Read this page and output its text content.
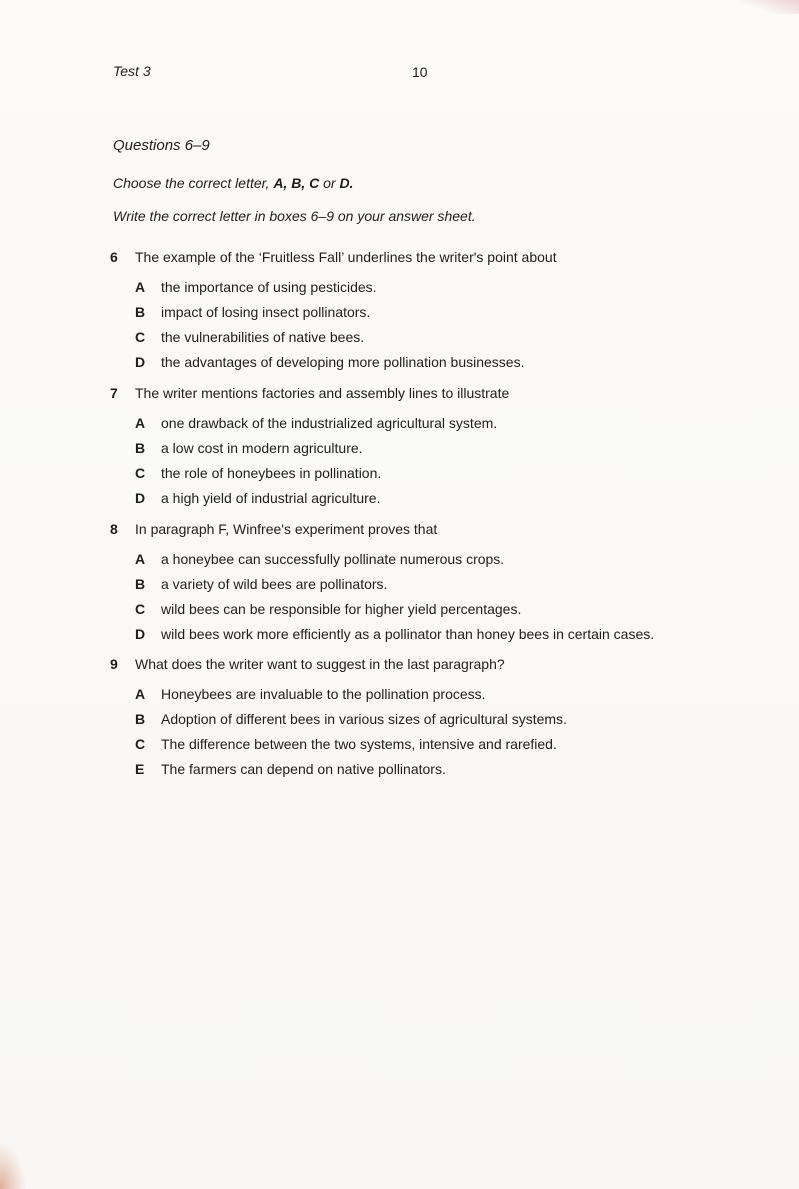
Test 3	10
Questions 6–9
Choose the correct letter, A, B, C or D.
Write the correct letter in boxes 6–9 on your answer sheet.
6	The example of the ‘Fruitless Fall’ underlines the writer's point about
A	the importance of using pesticides.
B	impact of losing insect pollinators.
C	the vulnerabilities of native bees.
D	the advantages of developing more pollination businesses.
7	The writer mentions factories and assembly lines to illustrate
A	one drawback of the industrialized agricultural system.
B	a low cost in modern agriculture.
C	the role of honeybees in pollination.
D	a high yield of industrial agriculture.
8	In paragraph F, Winfree's experiment proves that
A	a honeybee can successfully pollinate numerous crops.
B	a variety of wild bees are pollinators.
C	wild bees can be responsible for higher yield percentages.
D	wild bees work more efficiently as a pollinator than honey bees in certain cases.
9	What does the writer want to suggest in the last paragraph?
A	Honeybees are invaluable to the pollination process.
B	Adoption of different bees in various sizes of agricultural systems.
C	The difference between the two systems, intensive and rarefied.
E	The farmers can depend on native pollinators.
